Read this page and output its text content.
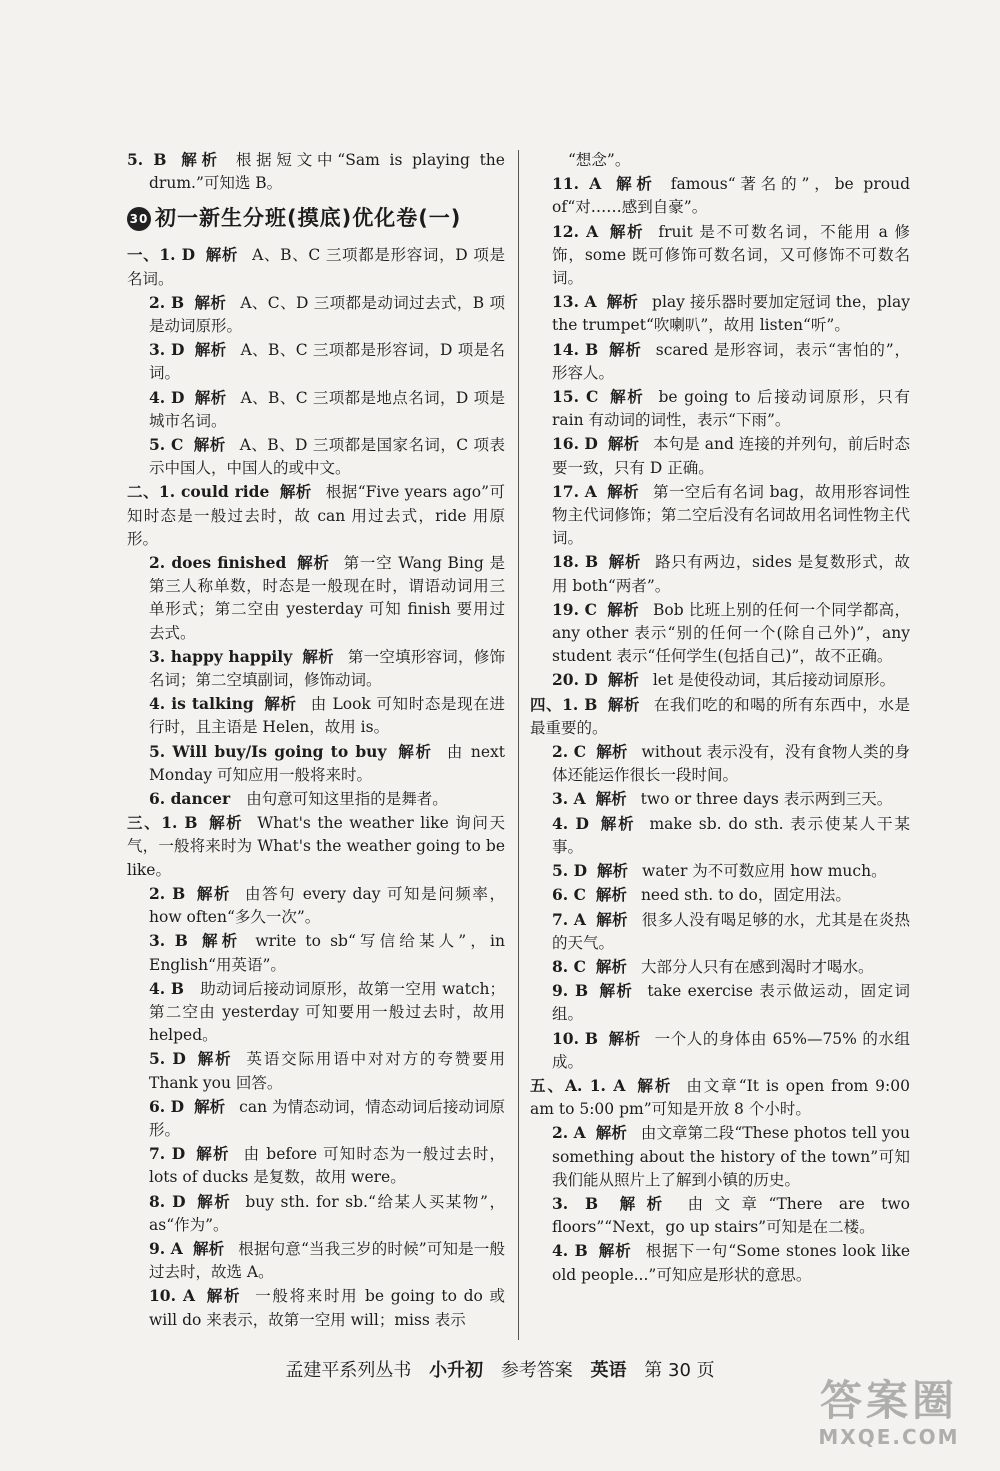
5. B 解析 根据短文中“Sam is playing the drum.”可知选 B。
30 初一新生分班(摸底)优化卷(一)
一、1. D 解析 A、B、C 三项都是形容词，D 项是名词。
2. B 解析 A、C、D 三项都是动词过去式，B 项是动词原形。
3. D 解析 A、B、C 三项都是形容词，D 项是名词。
4. D 解析 A、B、C 三项都是地点名词，D 项是城市名词。
5. C 解析 A、B、D 三项都是国家名词，C 项表示中国人，中国人的或中文。
二、1. could ride 解析 根据“Five years ago”可知时态是一般过去时，故 can 用过去式，ride 用原形。
2. does finished 解析 第一空 Wang Bing 是第三人称单数，时态是一般现在时，谓语动词用三单形式；第二空由 yesterday 可知 finish 要用过去式。
3. happy happily 解析 第一空填形容词，修饰名词；第二空填副词，修饰动词。
4. is talking 解析 由 Look 可知时态是现在进行时，且主语是 Helen，故用 is。
5. Will buy/Is going to buy 解析 由 next Monday 可知应用一般将来时。
6. dancer 由句意可知这里指的是舞者。
三、1. B 解析 What's the weather like 询问天气，一般将来时为 What's the weather going to be like。
2. B 解析 由答句 every day 可知是问频率，how often“多久一次”。
3. B 解析 write to sb“写信给某人”，in English“用英语”。
4. B 助动词后接动词原形，故第一空用 watch；第二空由 yesterday 可知要用一般过去时，故用 helped。
5. D 解析 英语交际用语中对对方的夸赞要用 Thank you 回答。
6. D 解析 can 为情态动词，情态动词后接动词原形。
7. D 解析 由 before 可知时态为一般过去时，lots of ducks 是复数，故用 were。
8. D 解析 buy sth. for sb.“给某人买某物”，as“作为”。
9. A 解析 根据句意“当我三岁的时候”可知是一般过去时，故选 A。
10. A 解析 一般将来时用 be going to do 或 will do 来表示，故第一空用 will；miss 表示
“想念”。
11. A 解析 famous“著名的”，be proud of“对……感到自豪”。
12. A 解析 fruit 是不可数名词，不能用 a 修饰，some 既可修饰可数名词，又可修饰不可数名词。
13. A 解析 play 接乐器时要加定冠词 the，play the trumpet“吹喇叭”，故用 listen“听”。
14. B 解析 scared 是形容词，表示“害怕的”，形容人。
15. C 解析 be going to 后接动词原形，只有 rain 有动词的词性，表示“下雨”。
16. D 解析 本句是 and 连接的并列句，前后时态要一致，只有 D 正确。
17. A 解析 第一空后有名词 bag，故用形容词性物主代词修饰；第二空后没有名词故用名词性物主代词。
18. B 解析 路只有两边，sides 是复数形式，故用 both“两者”。
19. C 解析 Bob 比班上别的任何一个同学都高，any other 表示“别的任何一个(除自己外)”，any student 表示“任何学生(包括自己)”，故不正确。
20. D 解析 let 是使役动词，其后接动词原形。
四、1. B 解析 在我们吃的和喝的所有东西中，水是最重要的。
2. C 解析 without 表示没有，没有食物人类的身体还能运作很长一段时间。
3. A 解析 two or three days 表示两到三天。
4. D 解析 make sb. do sth. 表示使某人干某事。
5. D 解析 water 为不可数应用 how much。
6. C 解析 need sth. to do，固定用法。
7. A 解析 很多人没有喝足够的水，尤其是在炎热的天气。
8. C 解析 大部分人只有在感到渴时才喝水。
9. B 解析 take exercise 表示做运动，固定词组。
10. B 解析 一个人的身体由 65%—75% 的水组成。
五、A. 1. A 解析 由文章“It is open from 9:00 am to 5:00 pm”可知是开放 8 个小时。
2. A 解析 由文章第二段“These photos tell you something about the history of the town”可知我们能从照片上了解到小镇的历史。
3. B 解析 由文章“There are two floors”“Next，go up stairs”可知是在二楼。
4. B 解析 根据下一句“Some stones look like old people...”可知应是形状的意思。
孟建平系列丛书 小升初 参考答案 英语 第 30 页
答案圈
MXQE.COM
